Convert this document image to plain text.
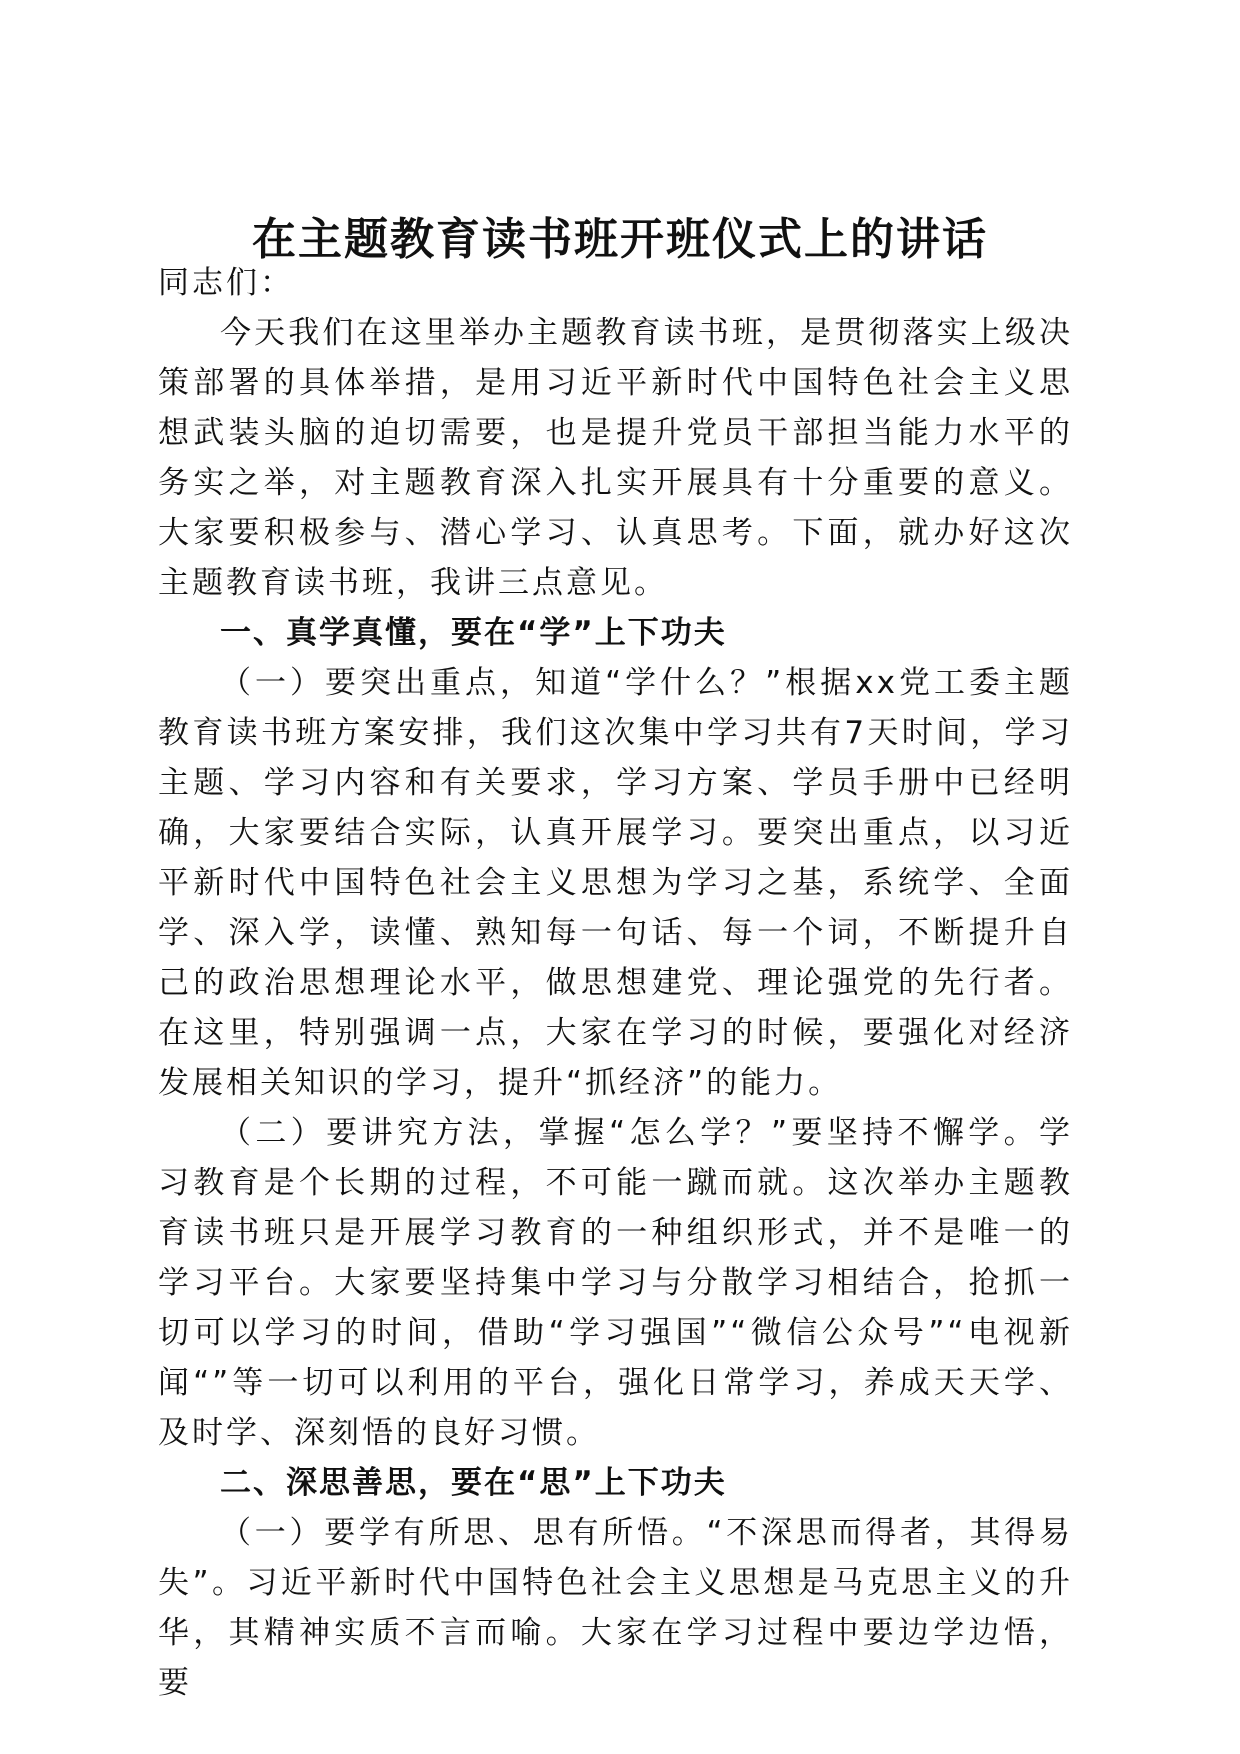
在主题教育读书班开班仪式上的讲话

同志们：

今天我们在这里举办主题教育读书班，是贯彻落实上级决策部署的具体举措，是用习近平新时代中国特色社会主义思想武装头脑的迫切需要，也是提升党员干部担当能力水平的务实之举，对主题教育深入扎实开展具有十分重要的意义。大家要积极参与、潜心学习、认真思考。下面，就办好这次主题教育读书班，我讲三点意见。

一、真学真懂，要在“学”上下功夫

（一）要突出重点，知道“学什么？”根据xx党工委主题教育读书班方案安排，我们这次集中学习共有7天时间，学习主题、学习内容和有关要求，学习方案、学员手册中已经明确，大家要结合实际，认真开展学习。要突出重点，以习近平新时代中国特色社会主义思想为学习之基，系统学、全面学、深入学，读懂、熟知每一句话、每一个词，不断提升自己的政治思想理论水平，做思想建党、理论强党的先行者。在这里，特别强调一点，大家在学习的时候，要强化对经济发展相关知识的学习，提升“抓经济”的能力。

（二）要讲究方法，掌握“怎么学？”要坚持不懈学。学习教育是个长期的过程，不可能一蹴而就。这次举办主题教育读书班只是开展学习教育的一种组织形式，并不是唯一的学习平台。大家要坚持集中学习与分散学习相结合，抢抓一切可以学习的时间，借助“学习强国”“微信公众号”“电视新闻“”等一切可以利用的平台，强化日常学习，养成天天学、及时学、深刻悟的良好习惯。

二、深思善思，要在“思”上下功夫

（一）要学有所思、思有所悟。“不深思而得者，其得易失”。习近平新时代中国特色社会主义思想是马克思主义的升华，其精神实质不言而喻。大家在学习过程中要边学边悟，要
